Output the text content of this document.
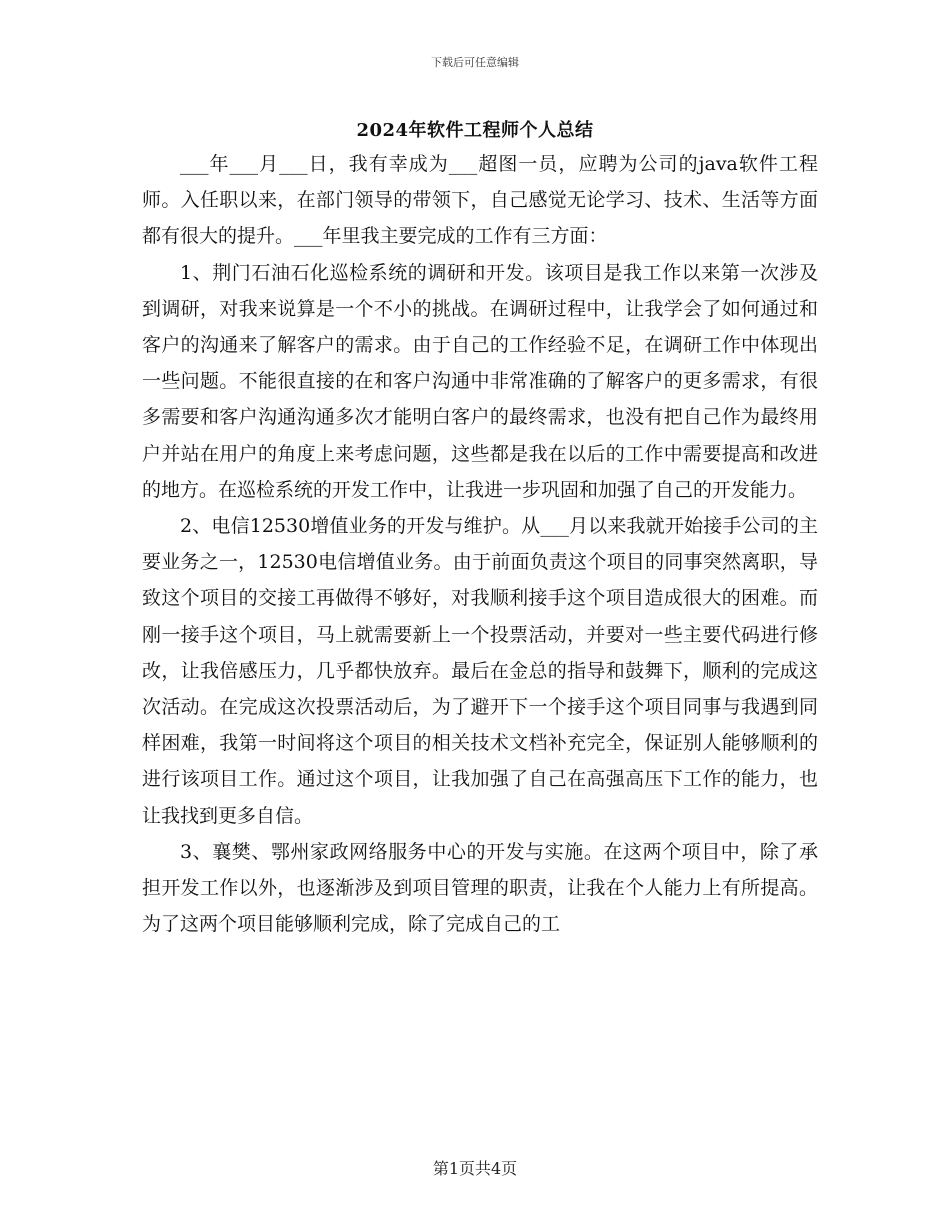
下载后可任意编辑
2024年软件工程师个人总结

___年___月___日，我有幸成为___超图一员，应聘为公司的java软件工程师。入任职以来，在部门领导的带领下，自己感觉无论学习、技术、生活等方面都有很大的提升。___年里我主要完成的工作有三方面：

1、荆门石油石化巡检系统的调研和开发。该项目是我工作以来第一次涉及到调研，对我来说算是一个不小的挑战。在调研过程中，让我学会了如何通过和客户的沟通来了解客户的需求。由于自己的工作经验不足，在调研工作中体现出一些问题。不能很直接的在和客户沟通中非常准确的了解客户的更多需求，有很多需要和客户沟通沟通多次才能明白客户的最终需求，也没有把自己作为最终用户并站在用户的角度上来考虑问题，这些都是我在以后的工作中需要提高和改进的地方。在巡检系统的开发工作中，让我进一步巩固和加强了自己的开发能力。

2、电信12530增值业务的开发与维护。从___月以来我就开始接手公司的主要业务之一，12530电信增值业务。由于前面负责这个项目的同事突然离职，导致这个项目的交接工再做得不够好，对我顺利接手这个项目造成很大的困难。而刚一接手这个项目，马上就需要新上一个投票活动，并要对一些主要代码进行修改，让我倍感压力，几乎都快放弃。最后在金总的指导和鼓舞下，顺利的完成这次活动。在完成这次投票活动后，为了避开下一个接手这个项目同事与我遇到同样困难，我第一时间将这个项目的相关技术文档补充完全，保证别人能够顺利的进行该项目工作。通过这个项目，让我加强了自己在高强高压下工作的能力，也让我找到更多自信。

3、襄樊、鄂州家政网络服务中心的开发与实施。在这两个项目中，除了承担开发工作以外，也逐渐涉及到项目管理的职责，让我在个人能力上有所提高。为了这两个项目能够顺利完成，除了完成自己的工

第1页共4页
